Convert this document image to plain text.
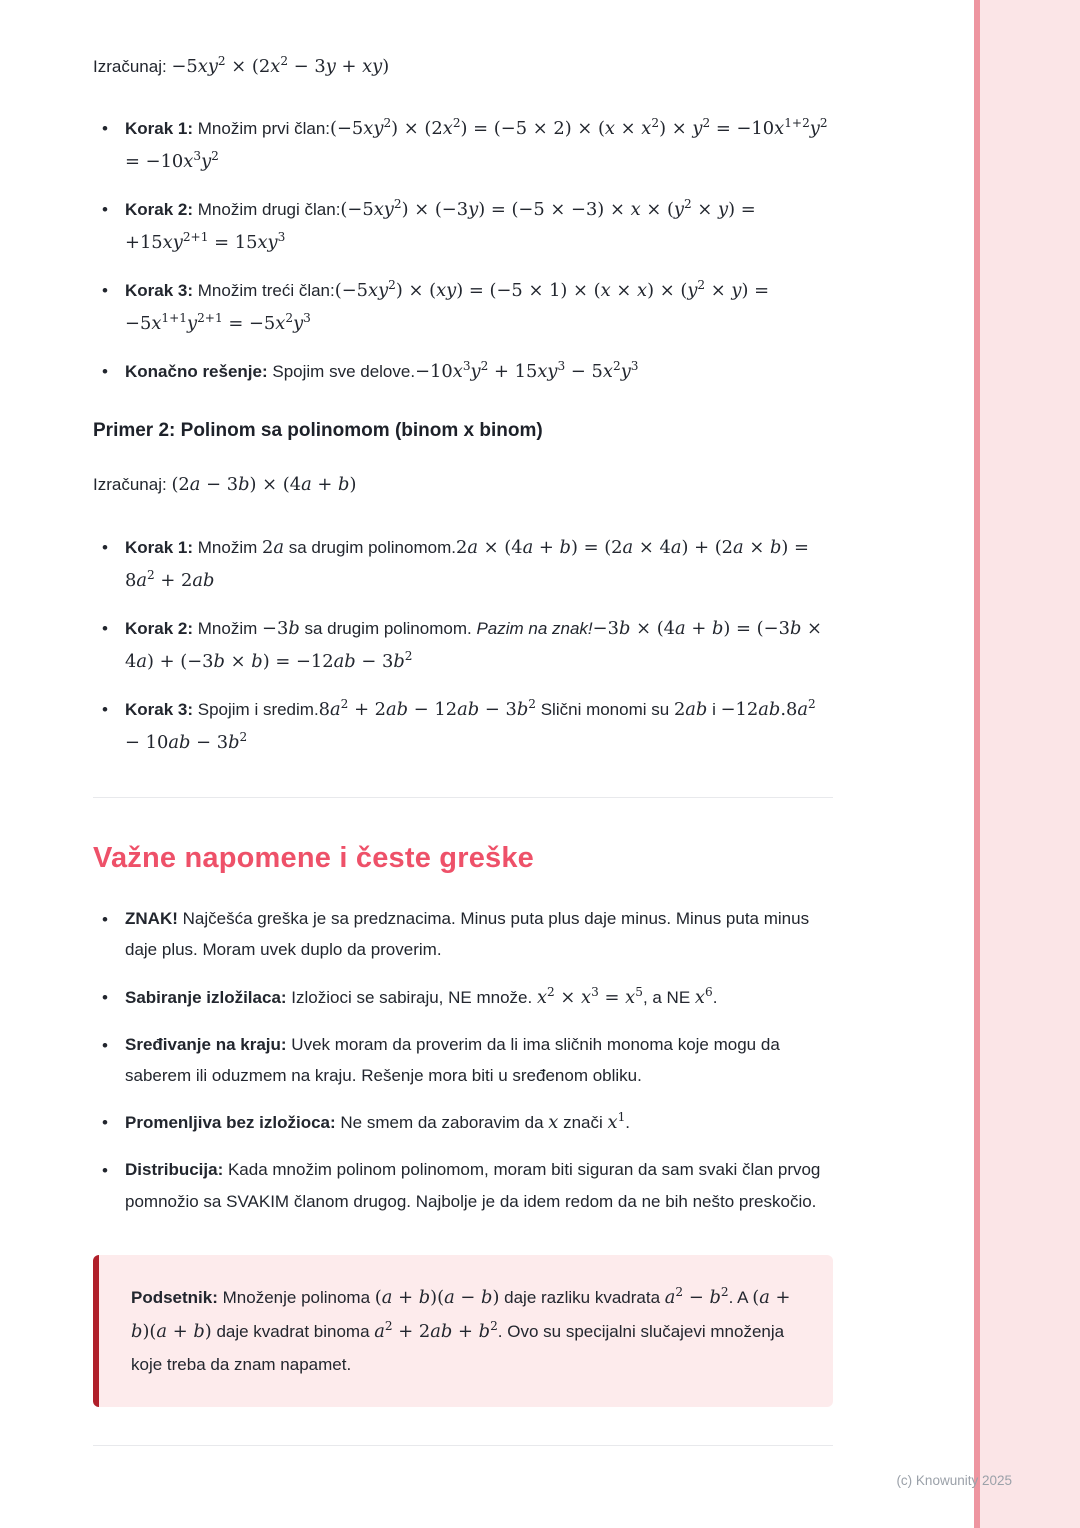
Izračunaj: $-5xy^2 \times (2x^2 - 3y + xy)$

• Korak 1: Množim prvi $član:(-5xy^2) \times (2x^2) = (-5 \times 2) \times (x \times x^2) \times y^2 = -10x^{1+2}y^2 = -10x^3y^2$
• Korak 2: Množim drugi $član:(-5xy^2) \times (-3y) = (-5 \times -3) \times x \times (y^2 \times y) = +15xy^{2+1} = 15xy^3$
• Korak 3: Množim treći $član:(-5xy^2) \times (xy) = (-5 \times 1) \times (x \times x) \times (y^2 \times y) = -5x^{1+1}y^{2+1} = -5x^2y^3$
• Konačno rešenje: Spojim sve $delove.-10x^3y^2 + 15xy^3 - 5x^2y^3$
Primer 2: Polinom sa polinomom (binom x binom)

Izračunaj: (2a − 3b) × (4a + b)

• Korak 1: Množim 2a sa drugim polinomom.2a × $(4a + b) = (2a \times 4a) + (2a \times b) = 8a^2 + 2ab$
• Korak 2: Množim −3b sa drugim polinomom. Pazim na znak!−3b × $(4a + b) = (-3b \times 4a) + (-3b \times b) = -12ab - 3b^2$
• Korak 3: Spojim i $sredim.8a^2 + 2ab - 12ab - 3b^2$ Slični monomi su 2ab $i -12ab.8a^2 - 10ab - 3b^2$
Važne napomene i česte greške
• ZNAK! Najčešća greška je sa predznacima. Minus puta plus daje minus. Minus puta minus daje plus. Moram uvek duplo da proverim.
• Sabiranje izložilaca: Izložioci se sabiraju, NE množe. $x^2 \times x^3 = x^5$, a NE $x^6$.
• Sređivanje na kraju: Uvek moram da proverim da li ima sličnih monoma koje mogu da saberem ili oduzmem na kraju. Rešenje mora biti u sređenom obliku.
• Promenljiva bez izložioca: Ne smem da zaboravim da x znači $x^1$.
• Distribucija: Kada množim polinom polinomom, moram biti siguran da sam svaki član prvog pomnožio sa SVAKIM članom drugog. Najbolje je da idem redom da ne bih nešto preskočio.

Podsetnik: Množenje polinoma (a + b)(a − b) daje razliku kvadrata $a^2 - b^2$. A (a + b)(a + b) daje kvadrat binoma $a^2 + 2ab + b^2$. Ovo su specijalni slučajevi množenja koje treba da znam napamet.

(c) Knowunity 2025
